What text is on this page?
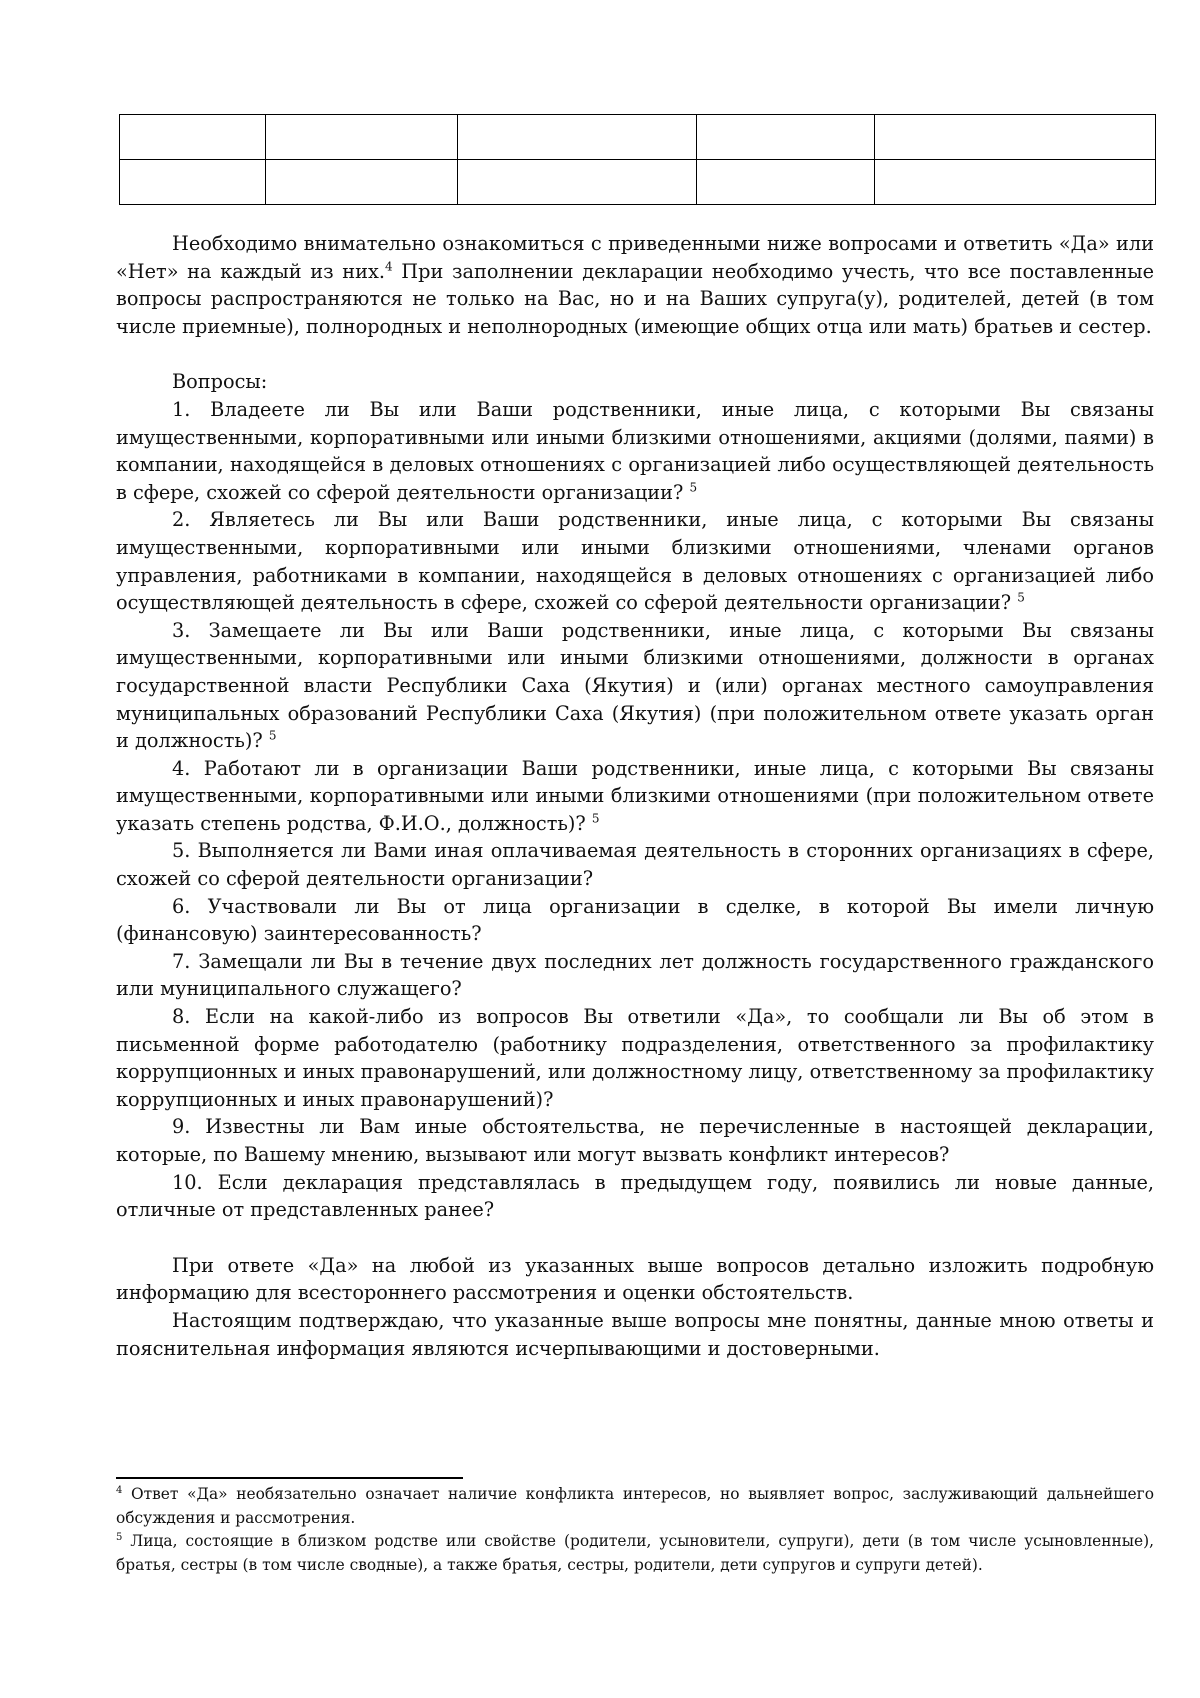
Необходимо внимательно ознакомиться с приведенными ниже вопросами и ответить «Да» или «Нет» на каждый из них.$^4$ При заполнении декларации необходимо учесть, что все поставленные вопросы распространяются не только на Вас, но и на Ваших супруга(у), родителей, детей (в том числе приемные), полнородных и неполнородных (имеющие общих отца или мать) братьев и сестер.

Вопросы:

1. Владеете ли Вы или Ваши родственники, иные лица, с которыми Вы связаны имущественными, корпоративными или иными близкими отношениями, акциями (долями, паями) в компании, находящейся в деловых отношениях с организацией либо осуществляющей деятельность в сфере, схожей со сферой деятельности организации? $^5$

2. Являетесь ли Вы или Ваши родственники, иные лица, с которыми Вы связаны имущественными, корпоративными или иными близкими отношениями, членами органов управления, работниками в компании, находящейся в деловых отношениях с организацией либо осуществляющей деятельность в сфере, схожей со сферой деятельности организации? $^5$

3. Замещаете ли Вы или Ваши родственники, иные лица, с которыми Вы связаны имущественными, корпоративными или иными близкими отношениями, должности в органах государственной власти Республики Саха (Якутия) и (или) органах местного самоуправления муниципальных образований Республики Саха (Якутия) (при положительном ответе указать орган и должность)? $^5$

4. Работают ли в организации Ваши родственники, иные лица, с которыми Вы связаны имущественными, корпоративными или иными близкими отношениями (при положительном ответе указать степень родства, Ф.И.О., должность)? $^5$

5. Выполняется ли Вами иная оплачиваемая деятельность в сторонних организациях в сфере, схожей со сферой деятельности организации?

6. Участвовали ли Вы от лица организации в сделке, в которой Вы имели личную (финансовую) заинтересованность?

7. Замещали ли Вы в течение двух последних лет должность государственного гражданского или муниципального служащего?

8. Если на какой-либо из вопросов Вы ответили «Да», то сообщали ли Вы об этом в письменной форме работодателю (работнику подразделения, ответственного за профилактику коррупционных и иных правонарушений, или должностному лицу, ответственному за профилактику коррупционных и иных правонарушений)?

9. Известны ли Вам иные обстоятельства, не перечисленные в настоящей декларации, которые, по Вашему мнению, вызывают или могут вызвать конфликт интересов?

10. Если декларация представлялась в предыдущем году, появились ли новые данные, отличные от представленных ранее?

При ответе «Да» на любой из указанных выше вопросов детально изложить подробную информацию для всестороннего рассмотрения и оценки обстоятельств.

Настоящим подтверждаю, что указанные выше вопросы мне понятны, данные мною ответы и пояснительная информация являются исчерпывающими и достоверными.

$^4$ Ответ «Да» необязательно означает наличие конфликта интересов, но выявляет вопрос, заслуживающий дальнейшего обсуждения и рассмотрения.

$^5$ Лица, состоящие в близком родстве или свойстве (родители, усыновители, супруги), дети (в том числе усыновленные), братья, сестры (в том числе сводные), а также братья, сестры, родители, дети супругов и супруги детей).
